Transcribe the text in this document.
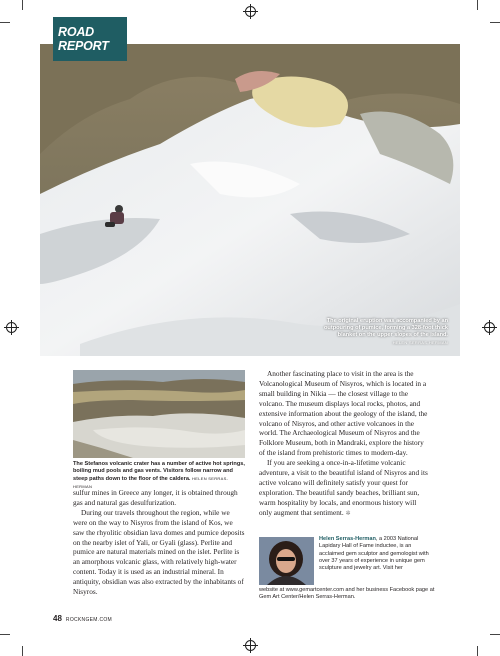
The original eruption was accompanied by an outpouring of pumice, forming a 328-foot thick blanket on the upper slopes of the island.
HELEN SERRAS-HERMAN
ROAD REPORT
The Stefanos volcanic crater has a number of active hot springs, boiling mud pools and gas vents. Visitors follow narrow and steep paths down to the floor of the caldera. HELEN SERRAS-HERMAN

sulfur mines in Greece any longer, it is obtained through gas and natural gas desulfurization.

During our travels throughout the region, while we were on the way to Nisyros from the island of Kos, we saw the rhyolitic obsidian lava domes and pumice deposits on the nearby islet of Yali, or Gyali (glass). Perlite and pumice are natural materials mined on the islet. Perlite is an amorphous volcanic glass, with relatively high-water content. Today it is used as an industrial mineral. In antiquity, obsidian was also extracted by the inhabitants of Nisyros.

Another fascinating place to visit in the area is the Volcanological Museum of Nisyros, which is located in a small building in Nikia — the closest village to the volcano. The museum displays local rocks, photos, and extensive information about the geology of the island, the volcano of Nisyros, and other active volcanoes in the world. The Archaeological Museum of Nisyros and the Folklore Museum, both in Mandraki, explore the history of the island from prehistoric times to modern-day.

If you are seeking a once-in-a-lifetime volcanic adventure, a visit to the beautiful island of Nisyros and its active volcano will definitely satisfy your quest for exploration. The beautiful sandy beaches, brilliant sun, warm hospitality by locals, and enormous history will only augment that sentiment. ✲

Helen Serras-Herman, a 2003 National Lapidary Hall of Fame inductee, is an acclaimed gem sculptor and gemologist with over 37 years of experience in unique gem sculpture and jewelry art. Visit her
website at www.gemartcenter.com and her business Facebook page at Gem Art Center/Helen Serras-Herman.
48 ROCKNGEM.COM
